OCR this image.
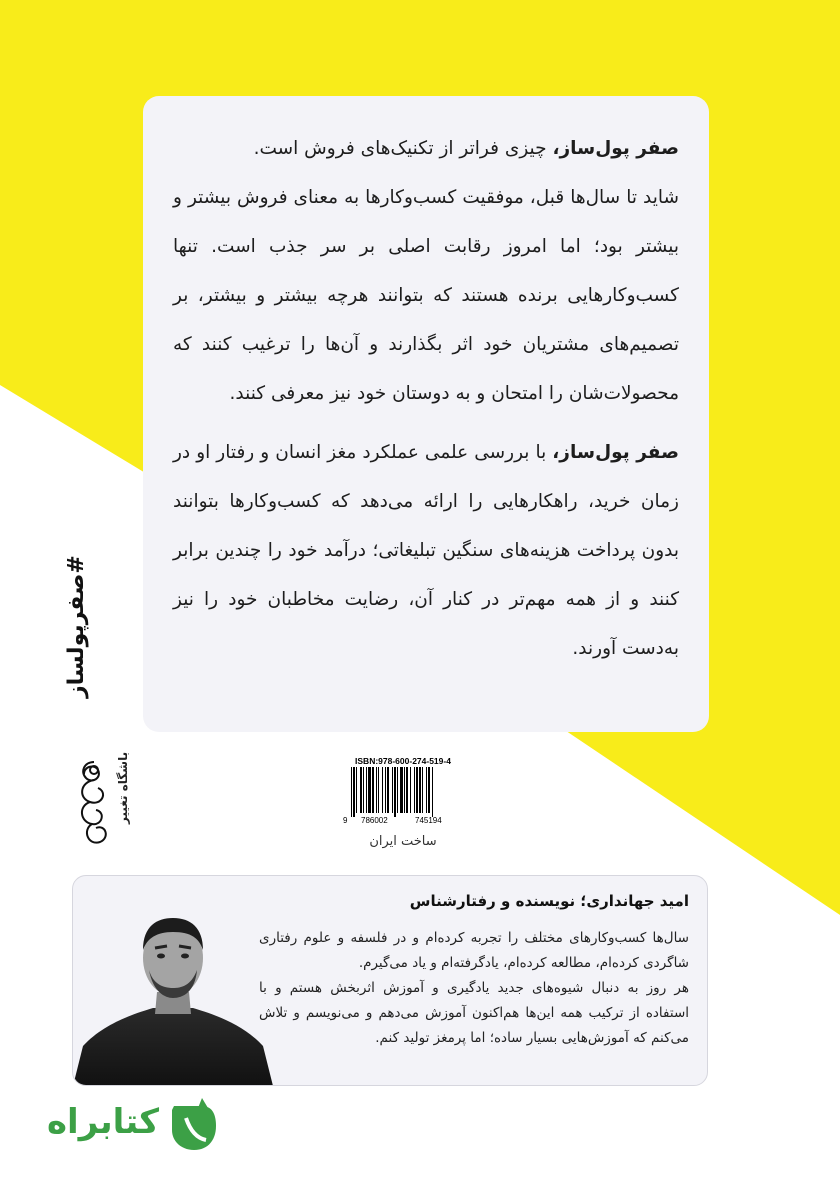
صفر پول‌ساز، چیزی فراتر از تکنیک‌های فروش است.

شاید تا سال‌ها قبل، موفقیت کسب‌وکارها به معنای فروش بیشتر و بیشتر بود؛ اما امروز رقابت اصلی بر سر جذب است. تنها کسب‌وکارهایی برنده هستند که بتوانند هرچه بیشتر و بیشتر، بر تصمیم‌های مشتریان خود اثر بگذارند و آن‌ها را ترغیب کنند که محصولات‌شان را امتحان و به دوستان خود نیز معرفی کنند.

صفر پول‌ساز، با بررسی علمی عملکرد مغز انسان و رفتار او در زمان خرید، راهکارهایی را ارائه می‌دهد که کسب‌وکارها بتوانند بدون پرداخت هزینه‌های سنگین تبلیغاتی؛ درآمد خود را چندین برابر کنند و از همه مهم‌تر در کنار آن، رضایت مخاطبان خود را نیز به‌دست آورند.

#صفرپولساز
باشگاه تغییر	ISBN:978-600-274-519-4
9 786002	745194
ساخت ایران
امید جهانداری؛ نویسنده و رفتارشناس

سال‌ها کسب‌وکارهای مختلف را تجربه کرده‌ام و در فلسفه و علوم رفتاری شاگردی کرده‌ام، مطالعه کرده‌ام، یادگرفته‌ام و یاد می‌گیرم.

هر روز به دنبال شیوه‌های جدید یادگیری و آموزش اثربخش هستم و با استفاده از ترکیب همه این‌ها هم‌اکنون آموزش می‌دهم و می‌نویسم و تلاش می‌کنم که آموزش‌هایی بسیار ساده؛ اما پرمغز تولید کنم.

کتابراه
